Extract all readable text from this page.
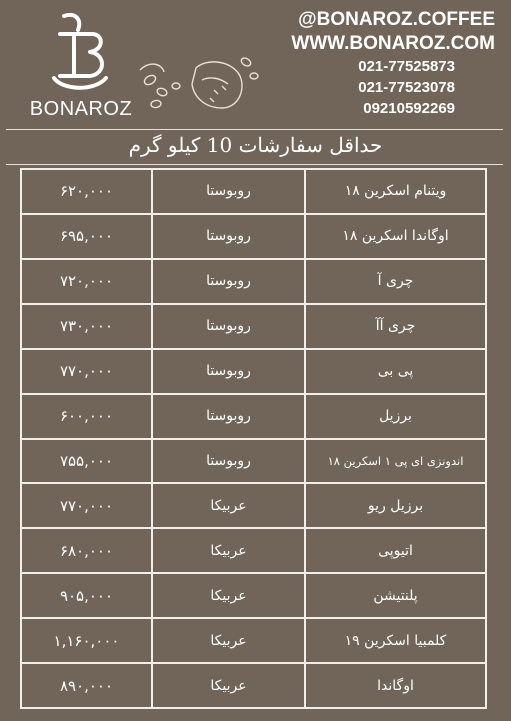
BONAROZ
@BONAROZ.COFFEE
WWW.BONAROZ.COM
021-77525873
021-77523078
09210592269
حداقل سفارشات 10 کیلو گرم
۶۲۰,۰۰۰	روبوستا	ویتنام اسکرین ۱۸
۶۹۵,۰۰۰	روبوستا	اوگاندا اسکرین ۱۸
۷۲۰,۰۰۰	روبوستا	چری آ
۷۳۰,۰۰۰	روبوستا	چری آآ
۷۷۰,۰۰۰	روبوستا	پی بی
۶۰۰,۰۰۰	روبوستا	برزیل
۷۵۵,۰۰۰	روبوستا	اندونزی ای پی ۱ اسکرین ۱۸
۷۷۰,۰۰۰	عربیکا	برزیل ریو
۶۸۰,۰۰۰	عربیکا	اتیوپی
۹۰۵,۰۰۰	عربیکا	پلنتیشن
۱,۱۶۰,۰۰۰	عربیکا	کلمبیا اسکرین ۱۹
۸۹۰,۰۰۰	عربیکا	اوگاندا
